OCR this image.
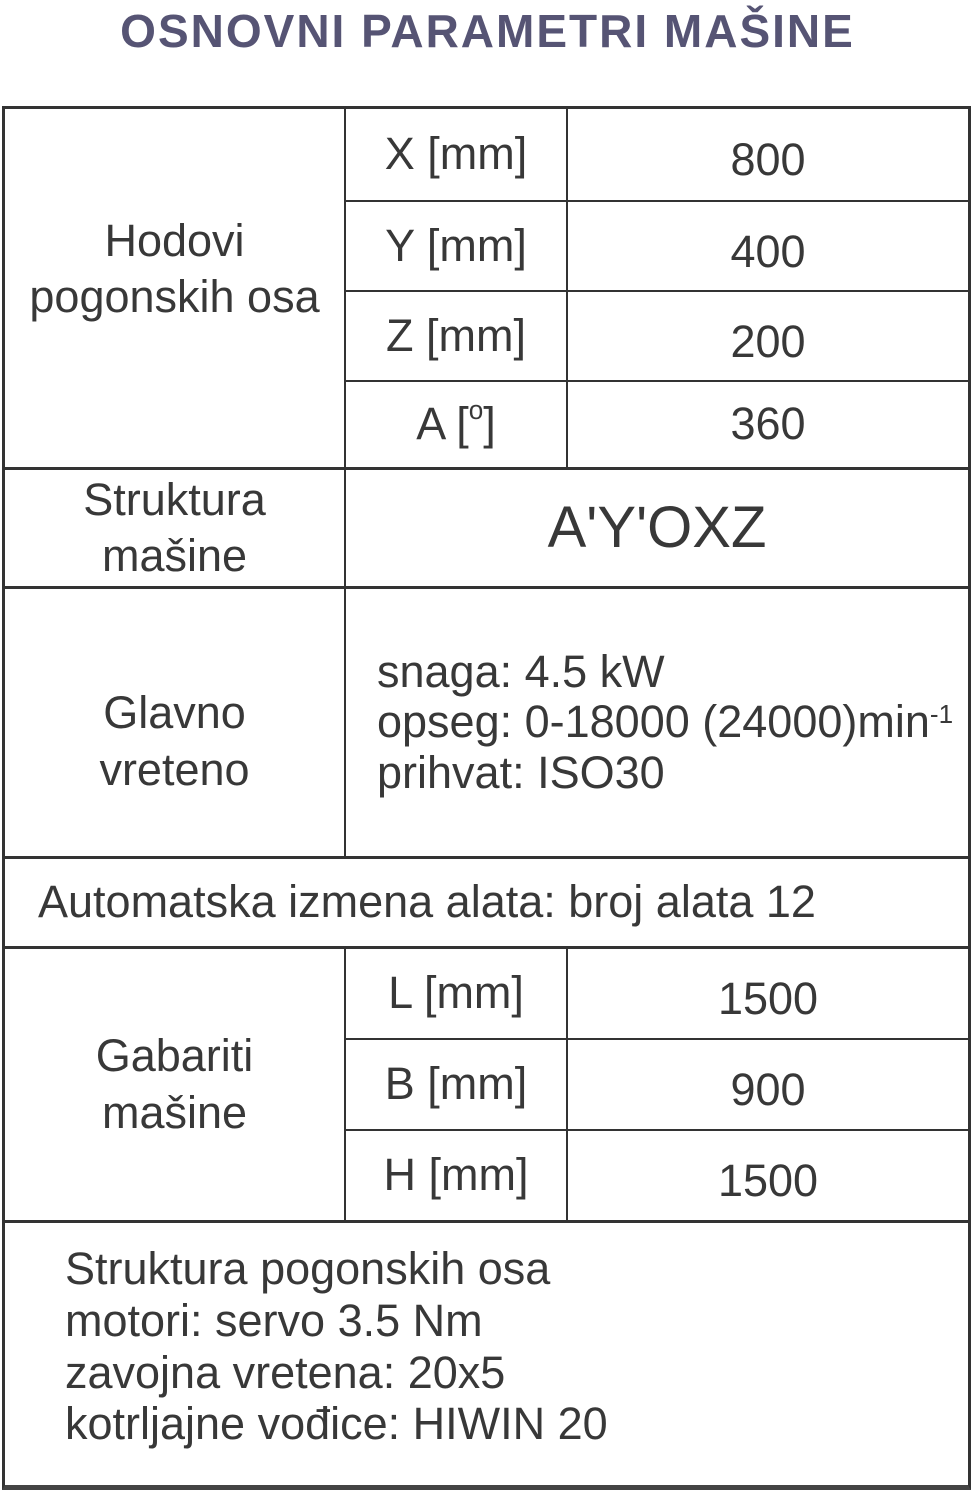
OSNOVNI PARAMETRI MAŠINE
Hodovi
pogonskih osa
X [mm]	800
Y [mm]	400
Z [mm]	200
A [ o ]	360
Struktura
mašine	A'Y'OXZ
Glavno
vreteno
snaga: 4.5 kW
opseg: 0-18000 $(24000)\min^{-1}$
prihvat: ISO30
Automatska izmena alata: broj alata 12
Gabariti
mašine
L [mm]	1500
B [mm]	900
H [mm]	1500
Struktura pogonskih osa
motori: servo 3.5 Nm
zavojna vretena: 20x5
kotrljajne vođice: HIWIN 20
